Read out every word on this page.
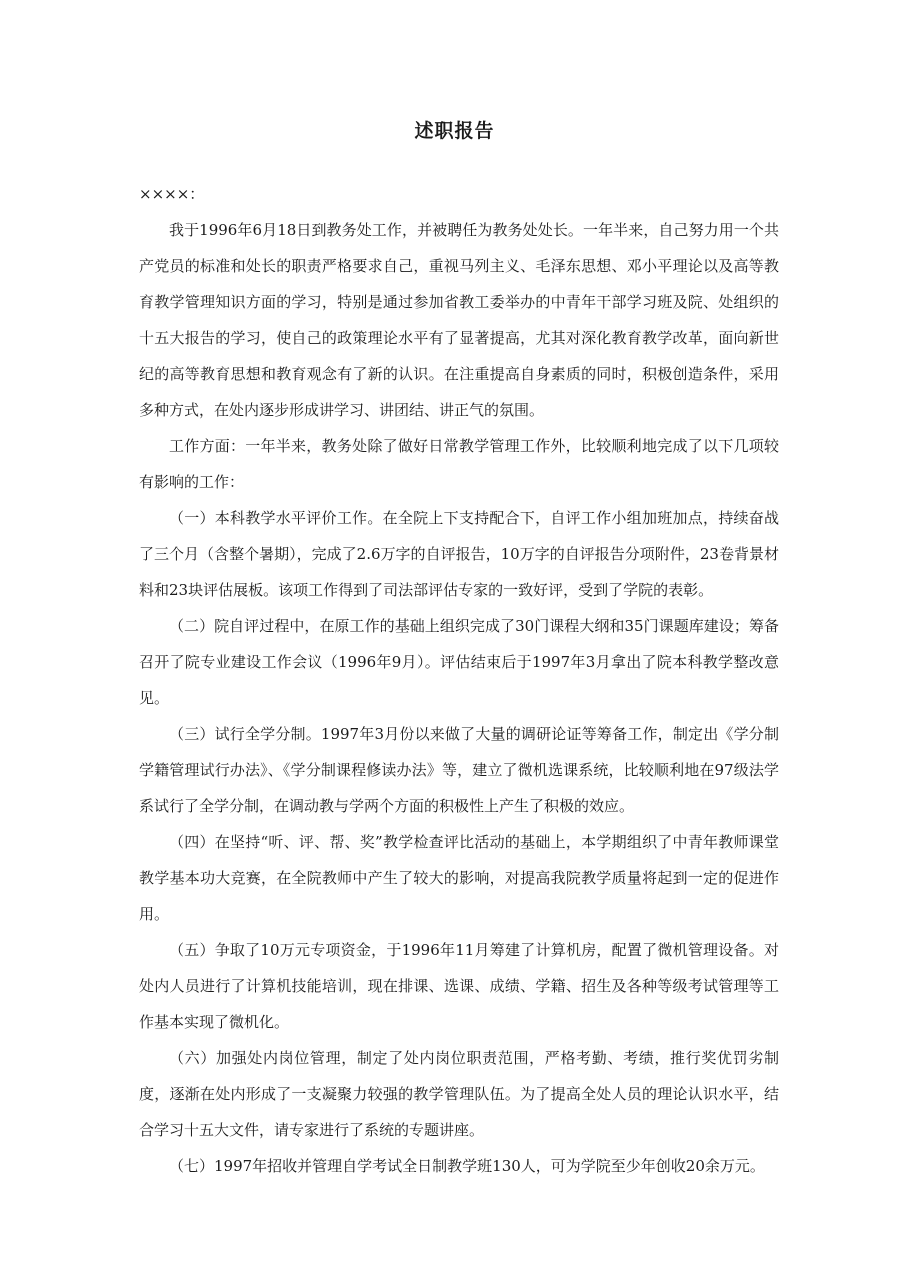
述职报告

××××：

我于1996年6月18日到教务处工作，并被聘任为教务处处长。一年半来，自己努力用一个共产党员的标准和处长的职责严格要求自己，重视马列主义、毛泽东思想、邓小平理论以及高等教育教学管理知识方面的学习，特别是通过参加省教工委举办的中青年干部学习班及院、处组织的十五大报告的学习，使自己的政策理论水平有了显著提高，尤其对深化教育教学改革，面向新世纪的高等教育思想和教育观念有了新的认识。在注重提高自身素质的同时，积极创造条件，采用多种方式，在处内逐步形成讲学习、讲团结、讲正气的氛围。

工作方面：一年半来，教务处除了做好日常教学管理工作外，比较顺利地完成了以下几项较有影响的工作：

（一）本科教学水平评价工作。在全院上下支持配合下，自评工作小组加班加点，持续奋战了三个月（含整个暑期），完成了2.6万字的自评报告，10万字的自评报告分项附件，23卷背景材料和23块评估展板。该项工作得到了司法部评估专家的一致好评，受到了学院的表彰。

（二）院自评过程中，在原工作的基础上组织完成了30门课程大纲和35门课题库建设；筹备召开了院专业建设工作会议（1996年9月）。评估结束后于1997年3月拿出了院本科教学整改意见。

（三）试行全学分制。1997年3月份以来做了大量的调研论证等筹备工作，制定出《学分制学籍管理试行办法》、《学分制课程修读办法》等，建立了微机选课系统，比较顺利地在97级法学系试行了全学分制，在调动教与学两个方面的积极性上产生了积极的效应。

（四）在坚持“听、评、帮、奖”教学检查评比活动的基础上，本学期组织了中青年教师课堂教学基本功大竞赛，在全院教师中产生了较大的影响，对提高我院教学质量将起到一定的促进作用。

（五）争取了10万元专项资金，于1996年11月筹建了计算机房，配置了微机管理设备。对处内人员进行了计算机技能培训，现在排课、选课、成绩、学籍、招生及各种等级考试管理等工作基本实现了微机化。

（六）加强处内岗位管理，制定了处内岗位职责范围，严格考勤、考绩，推行奖优罚劣制度，逐渐在处内形成了一支凝聚力较强的教学管理队伍。为了提高全处人员的理论认识水平，结合学习十五大文件，请专家进行了系统的专题讲座。

（七）1997年招收并管理自学考试全日制教学班130人，可为学院至少年创收20余万元。
